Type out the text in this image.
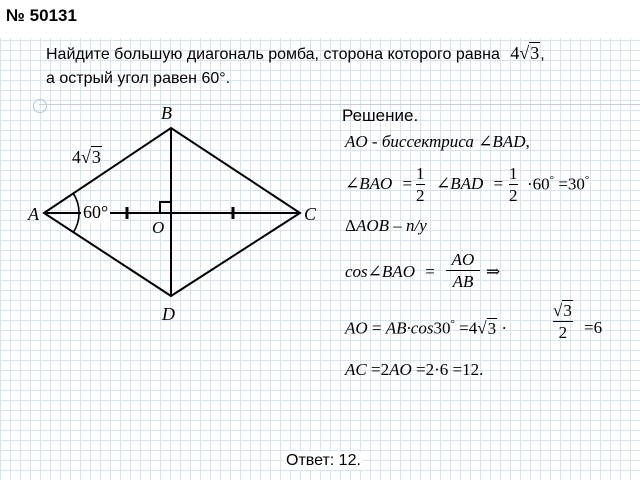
№ 50131
Найдите большую диагональ ромба, сторона которого равна 4√3,
а острый угол равен 60°.
B
A	C
D
O
4√3
60°
Решение.
AO - биссектриса ∠BAD,
∠BAO =
1
2
∠BAD =
1
2
·60° =30°
ΔAOB – п/у
cos∠BAO =
AO
AB
⇒
AO = AB·cos30° =4√3 ·
√3
2 =6
AC =2AO =2·6 =12.
Ответ: 12.
